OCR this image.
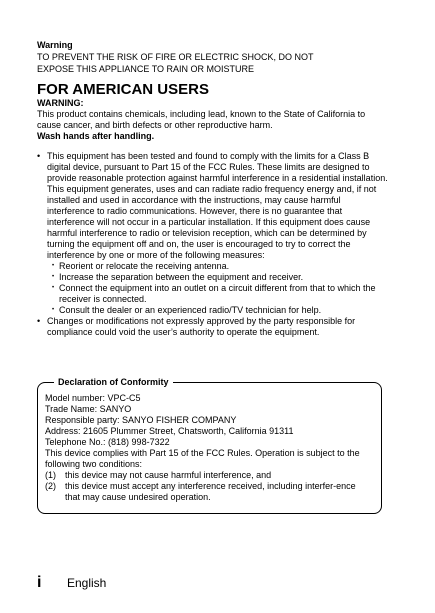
Warning
TO PREVENT THE RISK OF FIRE OR ELECTRIC SHOCK, DO NOT
EXPOSE THIS APPLIANCE TO RAIN OR MOISTURE
FOR AMERICAN USERS
WARNING:
This product contains chemicals, including lead, known to the State of California to cause cancer, and birth defects or other reproductive harm.
Wash hands after handling.
• This equipment has been tested and found to comply with the limits for a Class B digital device, pursuant to Part 15 of the FCC Rules. These limits are designed to provide reasonable protection against harmful interference in a residential installation. This equipment generates, uses and can radiate radio frequency energy and, if not installed and used in accordance with the instructions, may cause harmful interference to radio communications. However, there is no guarantee that interference will not occur in a particular installation. If this equipment does cause harmful interference to radio or television reception, which can be determined by turning the equipment off and on, the user is encouraged to try to correct the interference by one or more of the following measures:
• Reorient or relocate the receiving antenna.
• Increase the separation between the equipment and receiver.
• Connect the equipment into an outlet on a circuit different from that to which the receiver is connected.
• Consult the dealer or an experienced radio/TV technician for help.
• Changes or modifications not expressly approved by the party responsible for compliance could void the user’s authority to operate the equipment.
Declaration of Conformity
Model number: VPC-C5
Trade Name: SANYO
Responsible party: SANYO FISHER COMPANY
Address: 21605 Plummer Street, Chatsworth, California 91311
Telephone No.: (818) 998-7322
This device complies with Part 15 of the FCC Rules. Operation is subject to the following two conditions:
(1)	this device may not cause harmful interference, and
(2)	this device must accept any interference received, including interfer-ence that may cause undesired operation.
i	English
